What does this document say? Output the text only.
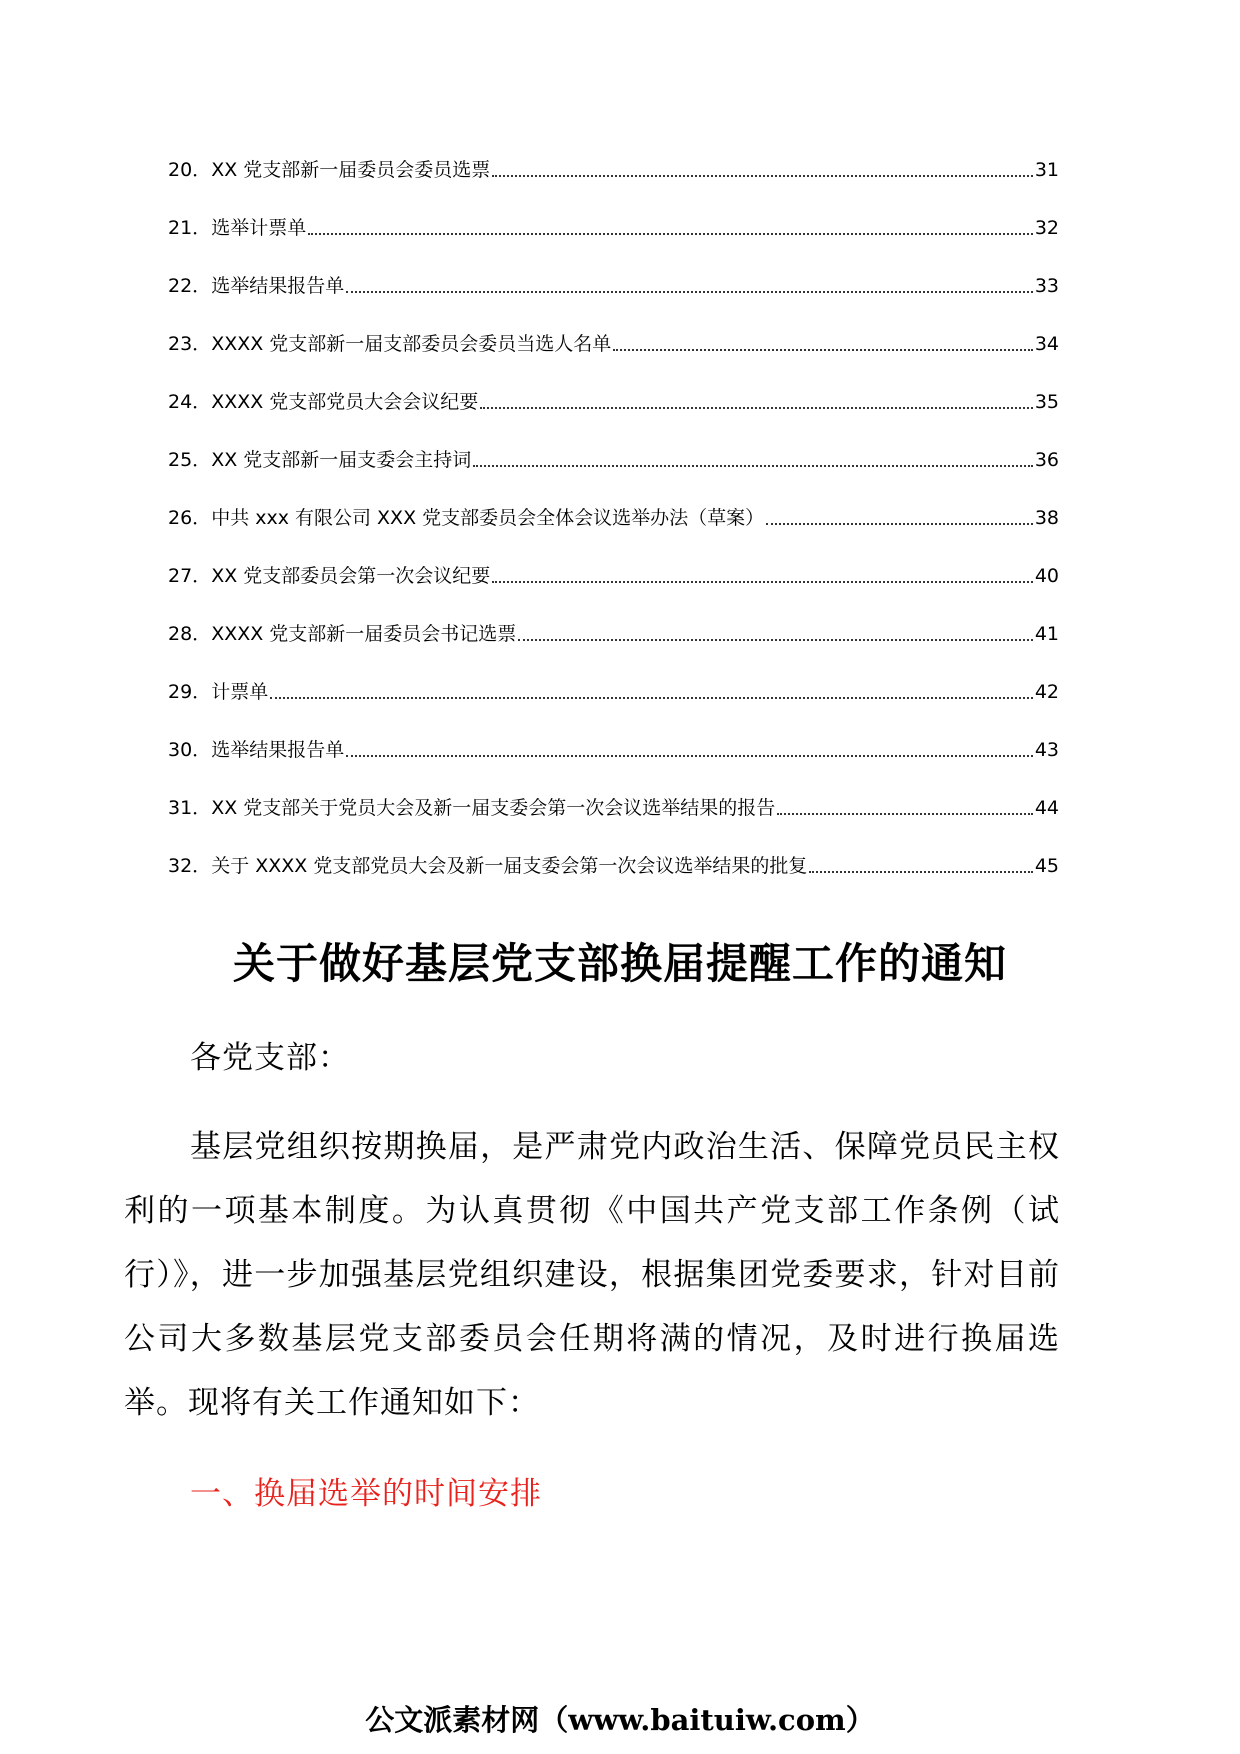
20． XX 党支部新一届委员会委员选票	31
21． 选举计票单	32
22． 选举结果报告单	33
23． XXXX 党支部新一届支部委员会委员当选人名单	34
24． XXXX 党支部党员大会会议纪要	35
25． XX 党支部新一届支委会主持词	36
26． 中共 xxx 有限公司 XXX 党支部委员会全体会议选举办法（草案）	38
27． XX 党支部委员会第一次会议纪要	40
28． XXXX 党支部新一届委员会书记选票	41
29． 计票单	42
30． 选举结果报告单	43
31． XX 党支部关于党员大会及新一届支委会第一次会议选举结果的报告	44
32． 关于 XXXX 党支部党员大会及新一届支委会第一次会议选举结果的批复	45
关于做好基层党支部换届提醒工作的通知
各党支部：
基层党组织按期换届，是严肃党内政治生活、保障党员民主权利的一项基本制度。为认真贯彻《中国共产党支部工作条例（试行）》，进一步加强基层党组织建设，根据集团党委要求，针对目前公司大多数基层党支部委员会任期将满的情况，及时进行换届选举。现将有关工作通知如下：
一、换届选举的时间安排
公文派素材网（www.baituiw.com）
